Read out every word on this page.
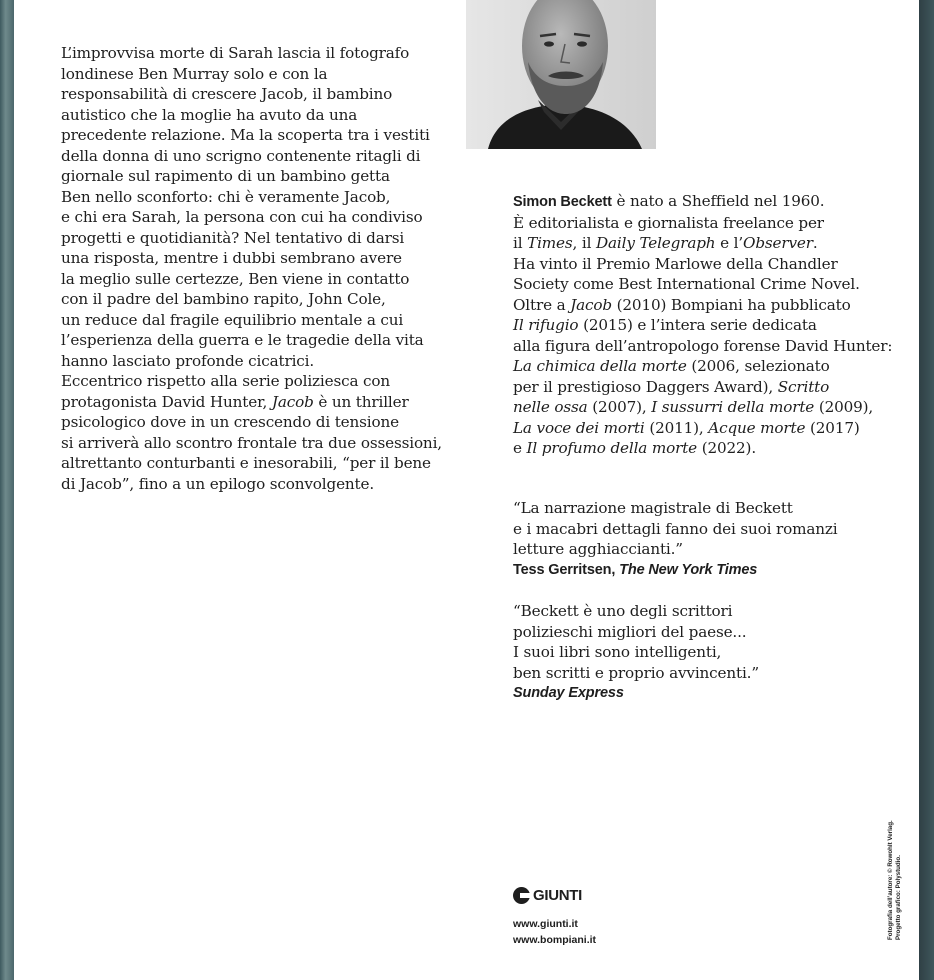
L’improvvisa morte di Sarah lascia il fotografo
londinese Ben Murray solo e con la
responsabilità di crescere Jacob, il bambino
autistico che la moglie ha avuto da una
precedente relazione. Ma la scoperta tra i vestiti
della donna di uno scrigno contenente ritagli di
giornale sul rapimento di un bambino getta
Ben nello sconforto: chi è veramente Jacob,
e chi era Sarah, la persona con cui ha condiviso
progetti e quotidianità? Nel tentativo di darsi
una risposta, mentre i dubbi sembrano avere
la meglio sulle certezze, Ben viene in contatto
con il padre del bambino rapito, John Cole,
un reduce dal fragile equilibrio mentale a cui
l’esperienza della guerra e le tragedie della vita
hanno lasciato profonde cicatrici.
Eccentrico rispetto alla serie poliziesca con
protagonista David Hunter, Jacob è un thriller
psicologico dove in un crescendo di tensione
si arriverà allo scontro frontale tra due ossessioni,
altrettanto conturbanti e inesorabili, “per il bene
di Jacob”, fino a un epilogo sconvolgente.
Simon Beckett è nato a Sheffield nel 1960.
È editorialista e giornalista freelance per
il Times, il Daily Telegraph e l’Observer.
Ha vinto il Premio Marlowe della Chandler
Society come Best International Crime Novel.
Oltre a Jacob (2010) Bompiani ha pubblicato
Il rifugio (2015) e l’intera serie dedicata
alla figura dell’antropologo forense David Hunter:
La chimica della morte (2006, selezionato
per il prestigioso Daggers Award), Scritto
nelle ossa (2007), I sussurri della morte (2009),
La voce dei morti (2011), Acque morte (2017)
e Il profumo della morte (2022).
“La narrazione magistrale di Beckett
e i macabri dettagli fanno dei suoi romanzi
letture agghiaccianti.”
Tess Gerritsen, The New York Times
“Beckett è uno degli scrittori
polizieschi migliori del paese...
I suoi libri sono intelligenti,
ben scritti e proprio avvincenti.”
Sunday Express
GIUNTI
www.giunti.it
www.bompiani.it	Fotografia dell’autore: © Rowohlt Verlag. Progetto grafico: Polystudio.
